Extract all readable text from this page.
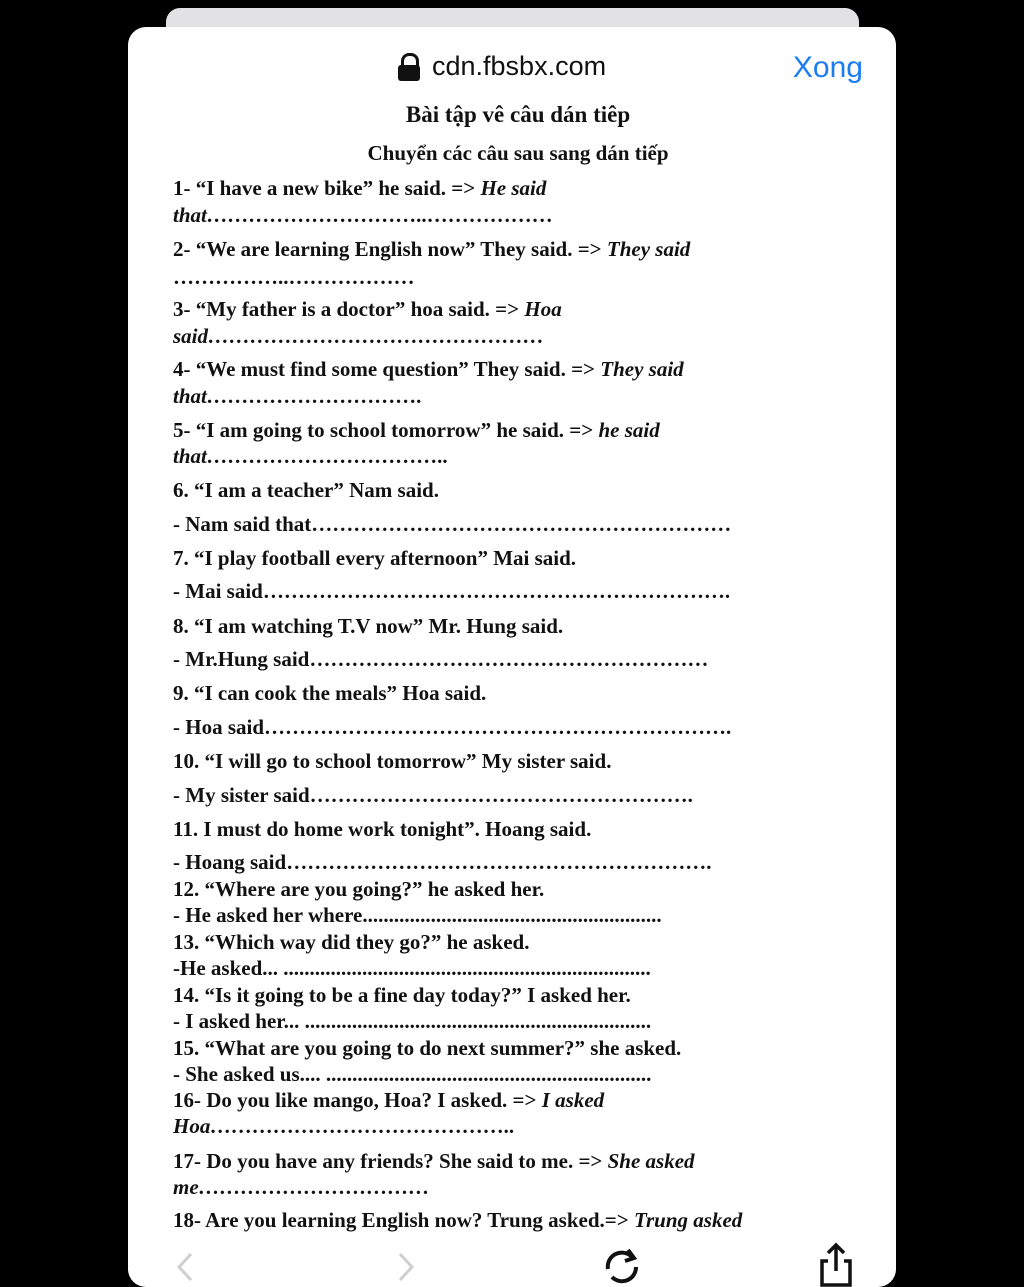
cdn.fbsbx.com	Xong
Bài tập vê câu dán tiêp
Chuyển các câu sau sang dán tiếp
1- “I have a new bike” he said. => He said
that…………………………..………………
2- “We are learning English now” They said. => They said
……………..………………
3- “My father is a doctor” hoa said. => Hoa
said…………………………………………
4- “We must find some question” They said. => They said
that………………………….
5- “I am going to school tomorrow” he said. => he said
that……………………………..
6. “I am a teacher” Nam said.
- Nam said that……………………………………………………
7. “I play football every afternoon” Mai said.
- Mai said………………………………………………………….
8. “I am watching T.V now” Mr. Hung said.
- Mr.Hung said…………………………………………………
9. “I can cook the meals” Hoa said.
- Hoa said………………………………………………………….
10. “I will go to school tomorrow” My sister said.
- My sister said……………………………………………….
11. I must do home work tonight”. Hoang said.
- Hoang said…………………………………………………….
12. “Where are you going?” he asked her.
- He asked her where.........................................................
13. “Which way did they go?” he asked.
-He asked... ......................................................................
14. “Is it going to be a fine day today?” I asked her.
- I asked her... ..................................................................
15. “What are you going to do next summer?” she asked.
- She asked us.... ..............................................................
16- Do you like mango, Hoa? I asked. => I asked
Hoa……………………………………..
17- Do you have any friends? She said to me. => She asked
me……………………………
18- Are you learning English now? Trung asked.=> Trung asked
